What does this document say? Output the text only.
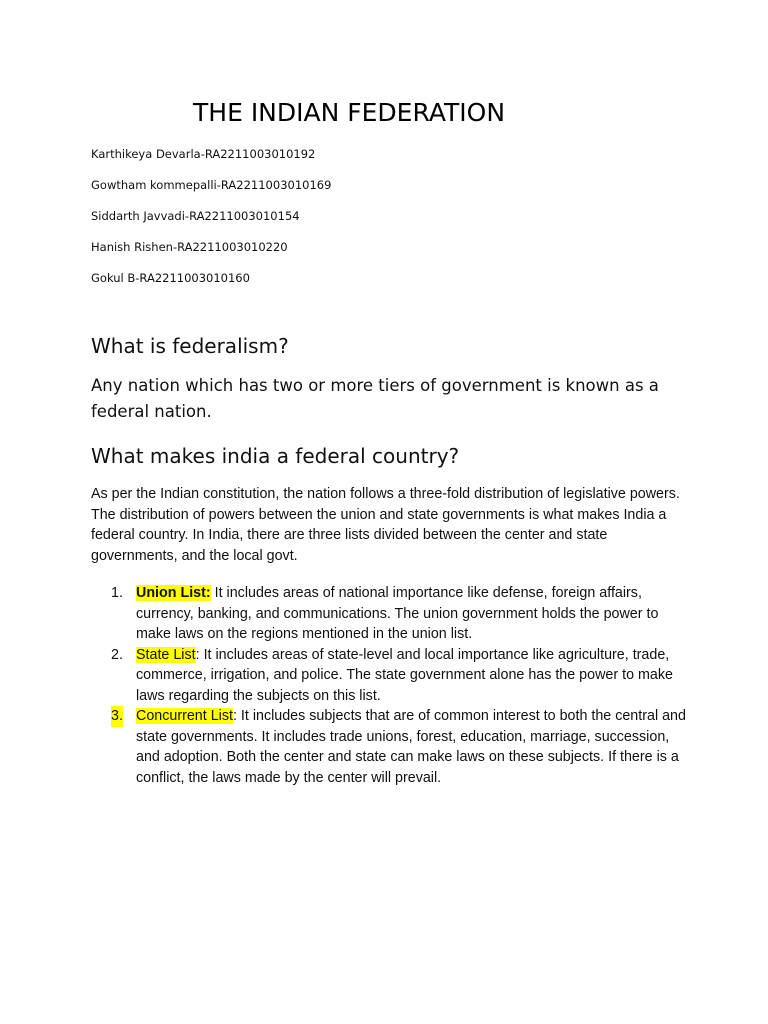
THE INDIAN FEDERATION
Karthikeya Devarla-RA2211003010192
Gowtham kommepalli-RA2211003010169
Siddarth Javvadi-RA2211003010154
Hanish Rishen-RA2211003010220
Gokul B-RA2211003010160
What is federalism?

Any nation which has two or more tiers of government is known as a federal nation.

What makes india a federal country?

As per the Indian constitution, the nation follows a three-fold distribution of legislative powers. The distribution of powers between the union and state governments is what makes India a federal country. In India, there are three lists divided between the center and state governments, and the local govt.

1. Union List: It includes areas of national importance like defense, foreign affairs, currency, banking, and communications. The union government holds the power to make laws on the regions mentioned in the union list.
2. State List: It includes areas of state-level and local importance like agriculture, trade, commerce, irrigation, and police. The state government alone has the power to make laws regarding the subjects on this list.
3. Concurrent List: It includes subjects that are of common interest to both the central and state governments. It includes trade unions, forest, education, marriage, succession, and adoption. Both the center and state can make laws on these subjects. If there is a conflict, the laws made by the center will prevail.
